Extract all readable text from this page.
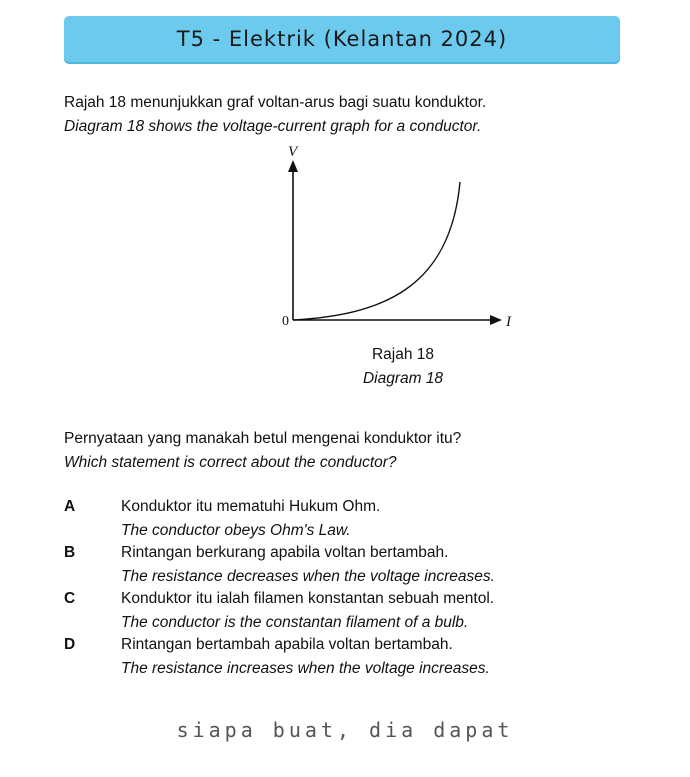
T5 - Elektrik (Kelantan 2024)
Rajah 18 menunjukkan graf voltan-arus bagi suatu konduktor.
Diagram 18 shows the voltage-current graph for a conductor.
V
I
0
Rajah 18
Diagram 18
Pernyataan yang manakah betul mengenai konduktor itu?
Which statement is correct about the conductor?
A	Konduktor itu mematuhi Hukum Ohm.
The conductor obeys Ohm's Law.
B	Rintangan berkurang apabila voltan bertambah.
The resistance decreases when the voltage increases.
C	Konduktor itu ialah filamen konstantan sebuah mentol.
The conductor is the constantan filament of a bulb.
D	Rintangan bertambah apabila voltan bertambah.
The resistance increases when the voltage increases.
siapa buat, dia dapat
